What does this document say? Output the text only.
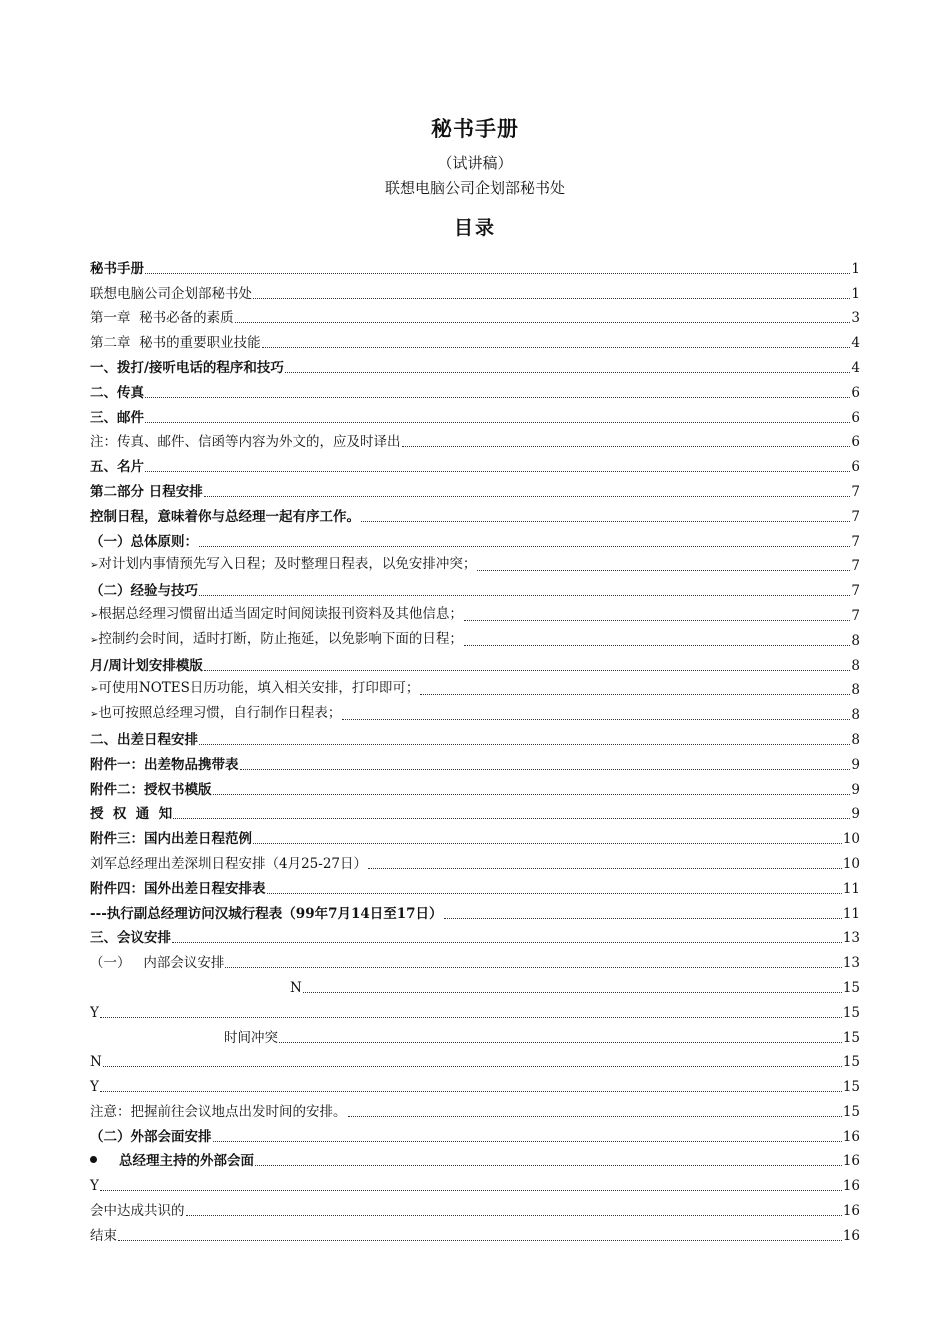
秘书手册
（试讲稿）
联想电脑公司企划部秘书处
目录
秘书手册	1
联想电脑公司企划部秘书处	1
第一章  秘书必备的素质	3
第二章  秘书的重要职业技能	4
一、拨打/接听电话的程序和技巧	4
二、传真	6
三、邮件	6
注：传真、邮件、信函等内容为外文的，应及时译出	6
五、名片	6
第二部分 日程安排	7
控制日程，意味着你与总经理一起有序工作。	7
（一）总体原则：	7
➢对计划内事情预先写入日程；及时整理日程表，以免安排冲突；	7
（二）经验与技巧	7
➢根据总经理习惯留出适当固定时间阅读报刊资料及其他信息；	7
➢控制约会时间，适时打断，防止拖延，以免影响下面的日程；	8
月/周计划安排模版	8
➢可使用NOTES日历功能，填入相关安排，打印即可；	8
➢也可按照总经理习惯，自行制作日程表；	8
二、出差日程安排	8
附件一：出差物品携带表	9
附件二：授权书模版	9
授  权  通  知	9
附件三：国内出差日程范例	10
刘军总经理出差深圳日程安排（4月25-27日）	10
附件四：国外出差日程安排表	11
---执行副总经理访问汉城行程表（99年7月14日至17日）	11
三、会议安排	13
（一）   内部会议安排	13
N	15
Y	15
时间冲突	15
N	15
Y	15
注意：把握前往会议地点出发时间的安排。	15
（二）外部会面安排	16
总经理主持的外部会面	16
Y	16
会中达成共识的	16
结束	16
